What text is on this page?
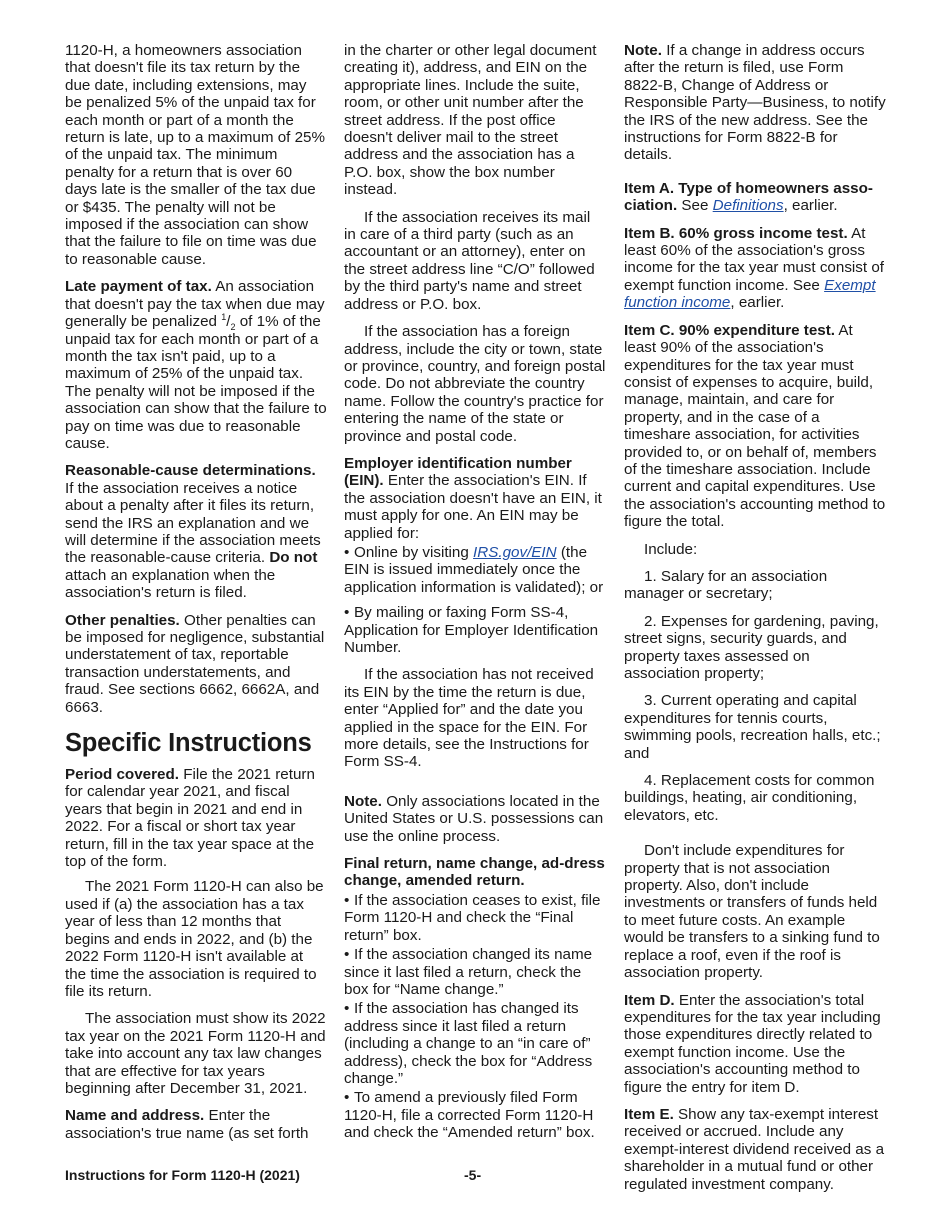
1120-H, a homeowners association that doesn't file its tax return by the due date, including extensions, may be penalized 5% of the unpaid tax for each month or part of a month the return is late, up to a maximum of 25% of the unpaid tax. The minimum penalty for a return that is over 60 days late is the smaller of the tax due or $435. The penalty will not be imposed if the association can show that the failure to file on time was due to reasonable cause.

Late payment of tax. An association that doesn't pay the tax when due may generally be penalized $^1/_2$ of 1% of the unpaid tax for each month or part of a month the tax isn't paid, up to a maximum of 25% of the unpaid tax. The penalty will not be imposed if the association can show that the failure to pay on time was due to reasonable cause.

Reasonable-cause determinations. If the association receives a notice about a penalty after it files its return, send the IRS an explanation and we will determine if the association meets the reasonable-cause criteria. Do not attach an explanation when the association's return is filed.

Other penalties. Other penalties can be imposed for negligence, substantial understatement of tax, reportable transaction understatements, and fraud. See sections 6662, 6662A, and 6663.

Specific Instructions

Period covered. File the 2021 return for calendar year 2021, and fiscal years that begin in 2021 and end in 2022. For a fiscal or short tax year return, fill in the tax year space at the top of the form.

The 2021 Form 1120-H can also be used if (a) the association has a tax year of less than 12 months that begins and ends in 2022, and (b) the 2022 Form 1120-H isn't available at the time the association is required to file its return.

The association must show its 2022 tax year on the 2021 Form 1120-H and take into account any tax law changes that are effective for tax years beginning after December 31, 2021.

Name and address. Enter the association's true name (as set forth

in the charter or other legal document creating it), address, and EIN on the appropriate lines. Include the suite, room, or other unit number after the street address. If the post office doesn't deliver mail to the street address and the association has a P.O. box, show the box number instead.

If the association receives its mail in care of a third party (such as an accountant or an attorney), enter on the street address line “C/O” followed by the third party's name and street address or P.O. box.

If the association has a foreign address, include the city or town, state or province, country, and foreign postal code. Do not abbreviate the country name. Follow the country's practice for entering the name of the state or province and postal code.

Employer identification number (EIN). Enter the association's EIN. If the association doesn't have an EIN, it must apply for one. An EIN may be applied for:

• Online by visiting IRS.gov/EIN (the EIN is issued immediately once the application information is validated); or

• By mailing or faxing Form SS-4, Application for Employer Identification Number.

If the association has not received its EIN by the time the return is due, enter “Applied for” and the date you applied in the space for the EIN. For more details, see the Instructions for Form SS-4.

Note. Only associations located in the United States or U.S. possessions can use the online process.

Final return, name change, ad-dress change, amended return.

• If the association ceases to exist, file Form 1120-H and check the “Final return” box.

• If the association changed its name since it last filed a return, check the box for “Name change.”

• If the association has changed its address since it last filed a return (including a change to an “in care of” address), check the box for “Address change.”

• To amend a previously filed Form 1120-H, file a corrected Form 1120-H and check the “Amended return” box.

Note. If a change in address occurs after the return is filed, use Form 8822-B, Change of Address or Responsible Party—Business, to notify the IRS of the new address. See the instructions for Form 8822-B for details.

Item A. Type of homeowners asso-ciation. See Definitions, earlier.

Item B. 60% gross income test. At least 60% of the association's gross income for the tax year must consist of exempt function income. See Exempt function income, earlier.

Item C. 90% expenditure test. At least 90% of the association's expenditures for the tax year must consist of expenses to acquire, build, manage, maintain, and care for property, and in the case of a timeshare association, for activities provided to, or on behalf of, members of the timeshare association. Include current and capital expenditures. Use the association's accounting method to figure the total.

Include:

1. Salary for an association manager or secretary;

2. Expenses for gardening, paving, street signs, security guards, and property taxes assessed on association property;

3. Current operating and capital expenditures for tennis courts, swimming pools, recreation halls, etc.; and

4. Replacement costs for common buildings, heating, air conditioning, elevators, etc.

Don't include expenditures for property that is not association property. Also, don't include investments or transfers of funds held to meet future costs. An example would be transfers to a sinking fund to replace a roof, even if the roof is association property.

Item D. Enter the association's total expenditures for the tax year including those expenditures directly related to exempt function income. Use the association's accounting method to figure the entry for item D.

Item E. Show any tax-exempt interest received or accrued. Include any exempt-interest dividend received as a shareholder in a mutual fund or other regulated investment company.

Instructions for Form 1120-H (2021)	-5-
